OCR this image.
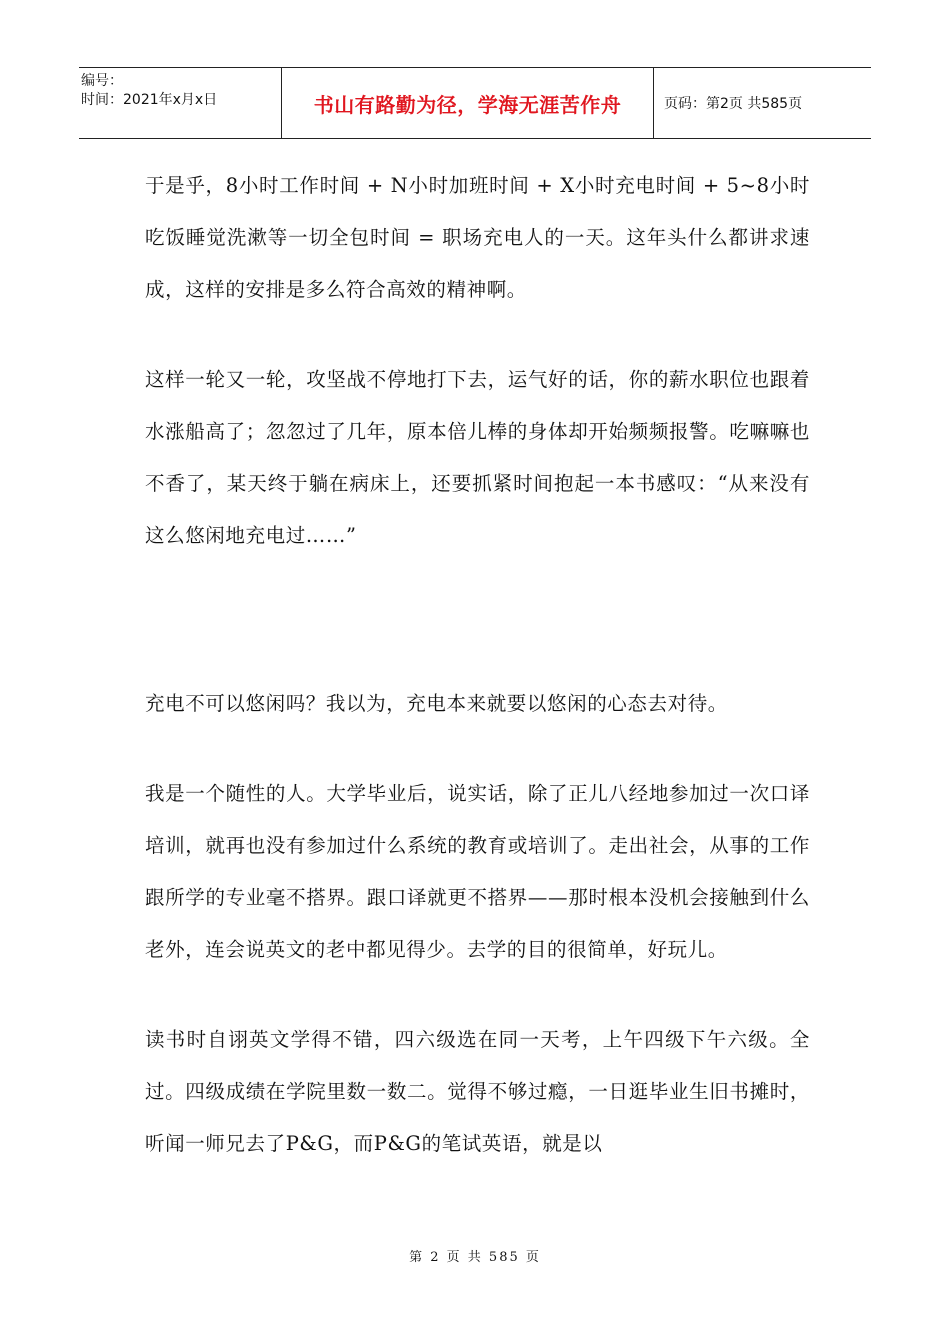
编号：
时间：2021年x月x日	书山有路勤为径，学海无涯苦作舟	页码：第2页 共585页

于是乎，8小时工作时间 + N小时加班时间 + X小时充电时间 + 5~8小时吃饭睡觉洗漱等一切全包时间 = 职场充电人的一天。这年头什么都讲求速成，这样的安排是多么符合高效的精神啊。

这样一轮又一轮，攻坚战不停地打下去，运气好的话，你的薪水职位也跟着水涨船高了；忽忽过了几年，原本倍儿棒的身体却开始频频报警。吃嘛嘛也不香了，某天终于躺在病床上，还要抓紧时间抱起一本书感叹：“从来没有这么悠闲地充电过……”

充电不可以悠闲吗？我以为，充电本来就要以悠闲的心态去对待。

我是一个随性的人。大学毕业后，说实话，除了正儿八经地参加过一次口译培训，就再也没有参加过什么系统的教育或培训了。走出社会，从事的工作跟所学的专业毫不搭界。跟口译就更不搭界——那时根本没机会接触到什么老外，连会说英文的老中都见得少。去学的目的很简单，好玩儿。

读书时自诩英文学得不错，四六级选在同一天考，上午四级下午六级。全过。四级成绩在学院里数一数二。觉得不够过瘾，一日逛毕业生旧书摊时，听闻一师兄去了P&G，而P&G的笔试英语，就是以

第 2 页 共 585 页
